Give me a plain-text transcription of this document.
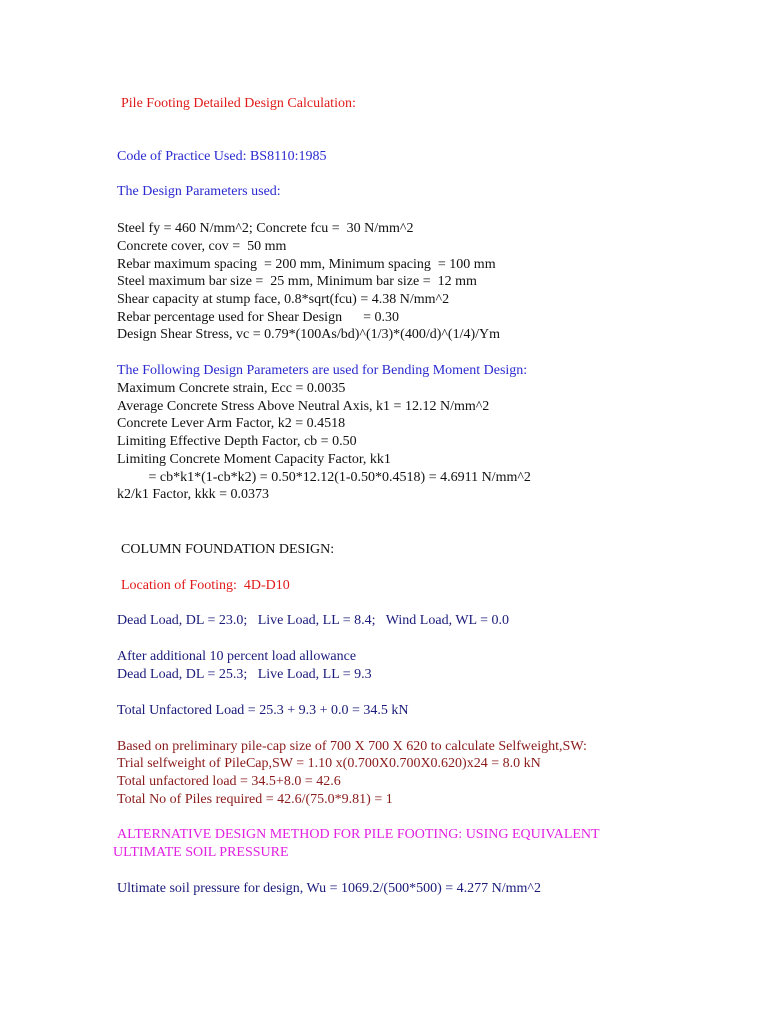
Pile Footing Detailed Design Calculation:

Code of Practice Used: BS8110:1985

The Design Parameters used:

Steel fy = 460 N/mm^2; Concrete fcu =  30 N/mm^2

Concrete cover, cov =  50 mm

Rebar maximum spacing  = 200 mm, Minimum spacing  = 100 mm

Steel maximum bar size =  25 mm, Minimum bar size =  12 mm

Shear capacity at stump face, 0.8*sqrt(fcu) = 4.38 N/mm^2

Rebar percentage used for Shear Design      = 0.30

Design Shear Stress, vc = 0.79*(100As/bd)^(1/3)*(400/d)^(1/4)/Ym

The Following Design Parameters are used for Bending Moment Design:

Maximum Concrete strain, Ecc = 0.0035

Average Concrete Stress Above Neutral Axis, k1 = 12.12 N/mm^2

Concrete Lever Arm Factor, k2 = 0.4518

Limiting Effective Depth Factor, cb = 0.50

Limiting Concrete Moment Capacity Factor, kk1

= cb*k1*(1-cb*k2) = 0.50*12.12(1-0.50*0.4518) = 4.6911 N/mm^2

k2/k1 Factor, kkk = 0.0373

COLUMN FOUNDATION DESIGN:

Location of Footing:  4D-D10

Dead Load, DL = 23.0;   Live Load, LL = 8.4;   Wind Load, WL = 0.0

After additional 10 percent load allowance

Dead Load, DL = 25.3;   Live Load, LL = 9.3

Total Unfactored Load = 25.3 + 9.3 + 0.0 = 34.5 kN

Based on preliminary pile-cap size of 700 X 700 X 620 to calculate Selfweight,SW:

Trial selfweight of PileCap,SW = 1.10 x(0.700X0.700X0.620)x24 = 8.0 kN

Total unfactored load = 34.5+8.0 = 42.6

Total No of Piles required = 42.6/(75.0*9.81) = 1

ALTERNATIVE DESIGN METHOD FOR PILE FOOTING: USING EQUIVALENT

ULTIMATE SOIL PRESSURE

Ultimate soil pressure for design, Wu = 1069.2/(500*500) = 4.277 N/mm^2
